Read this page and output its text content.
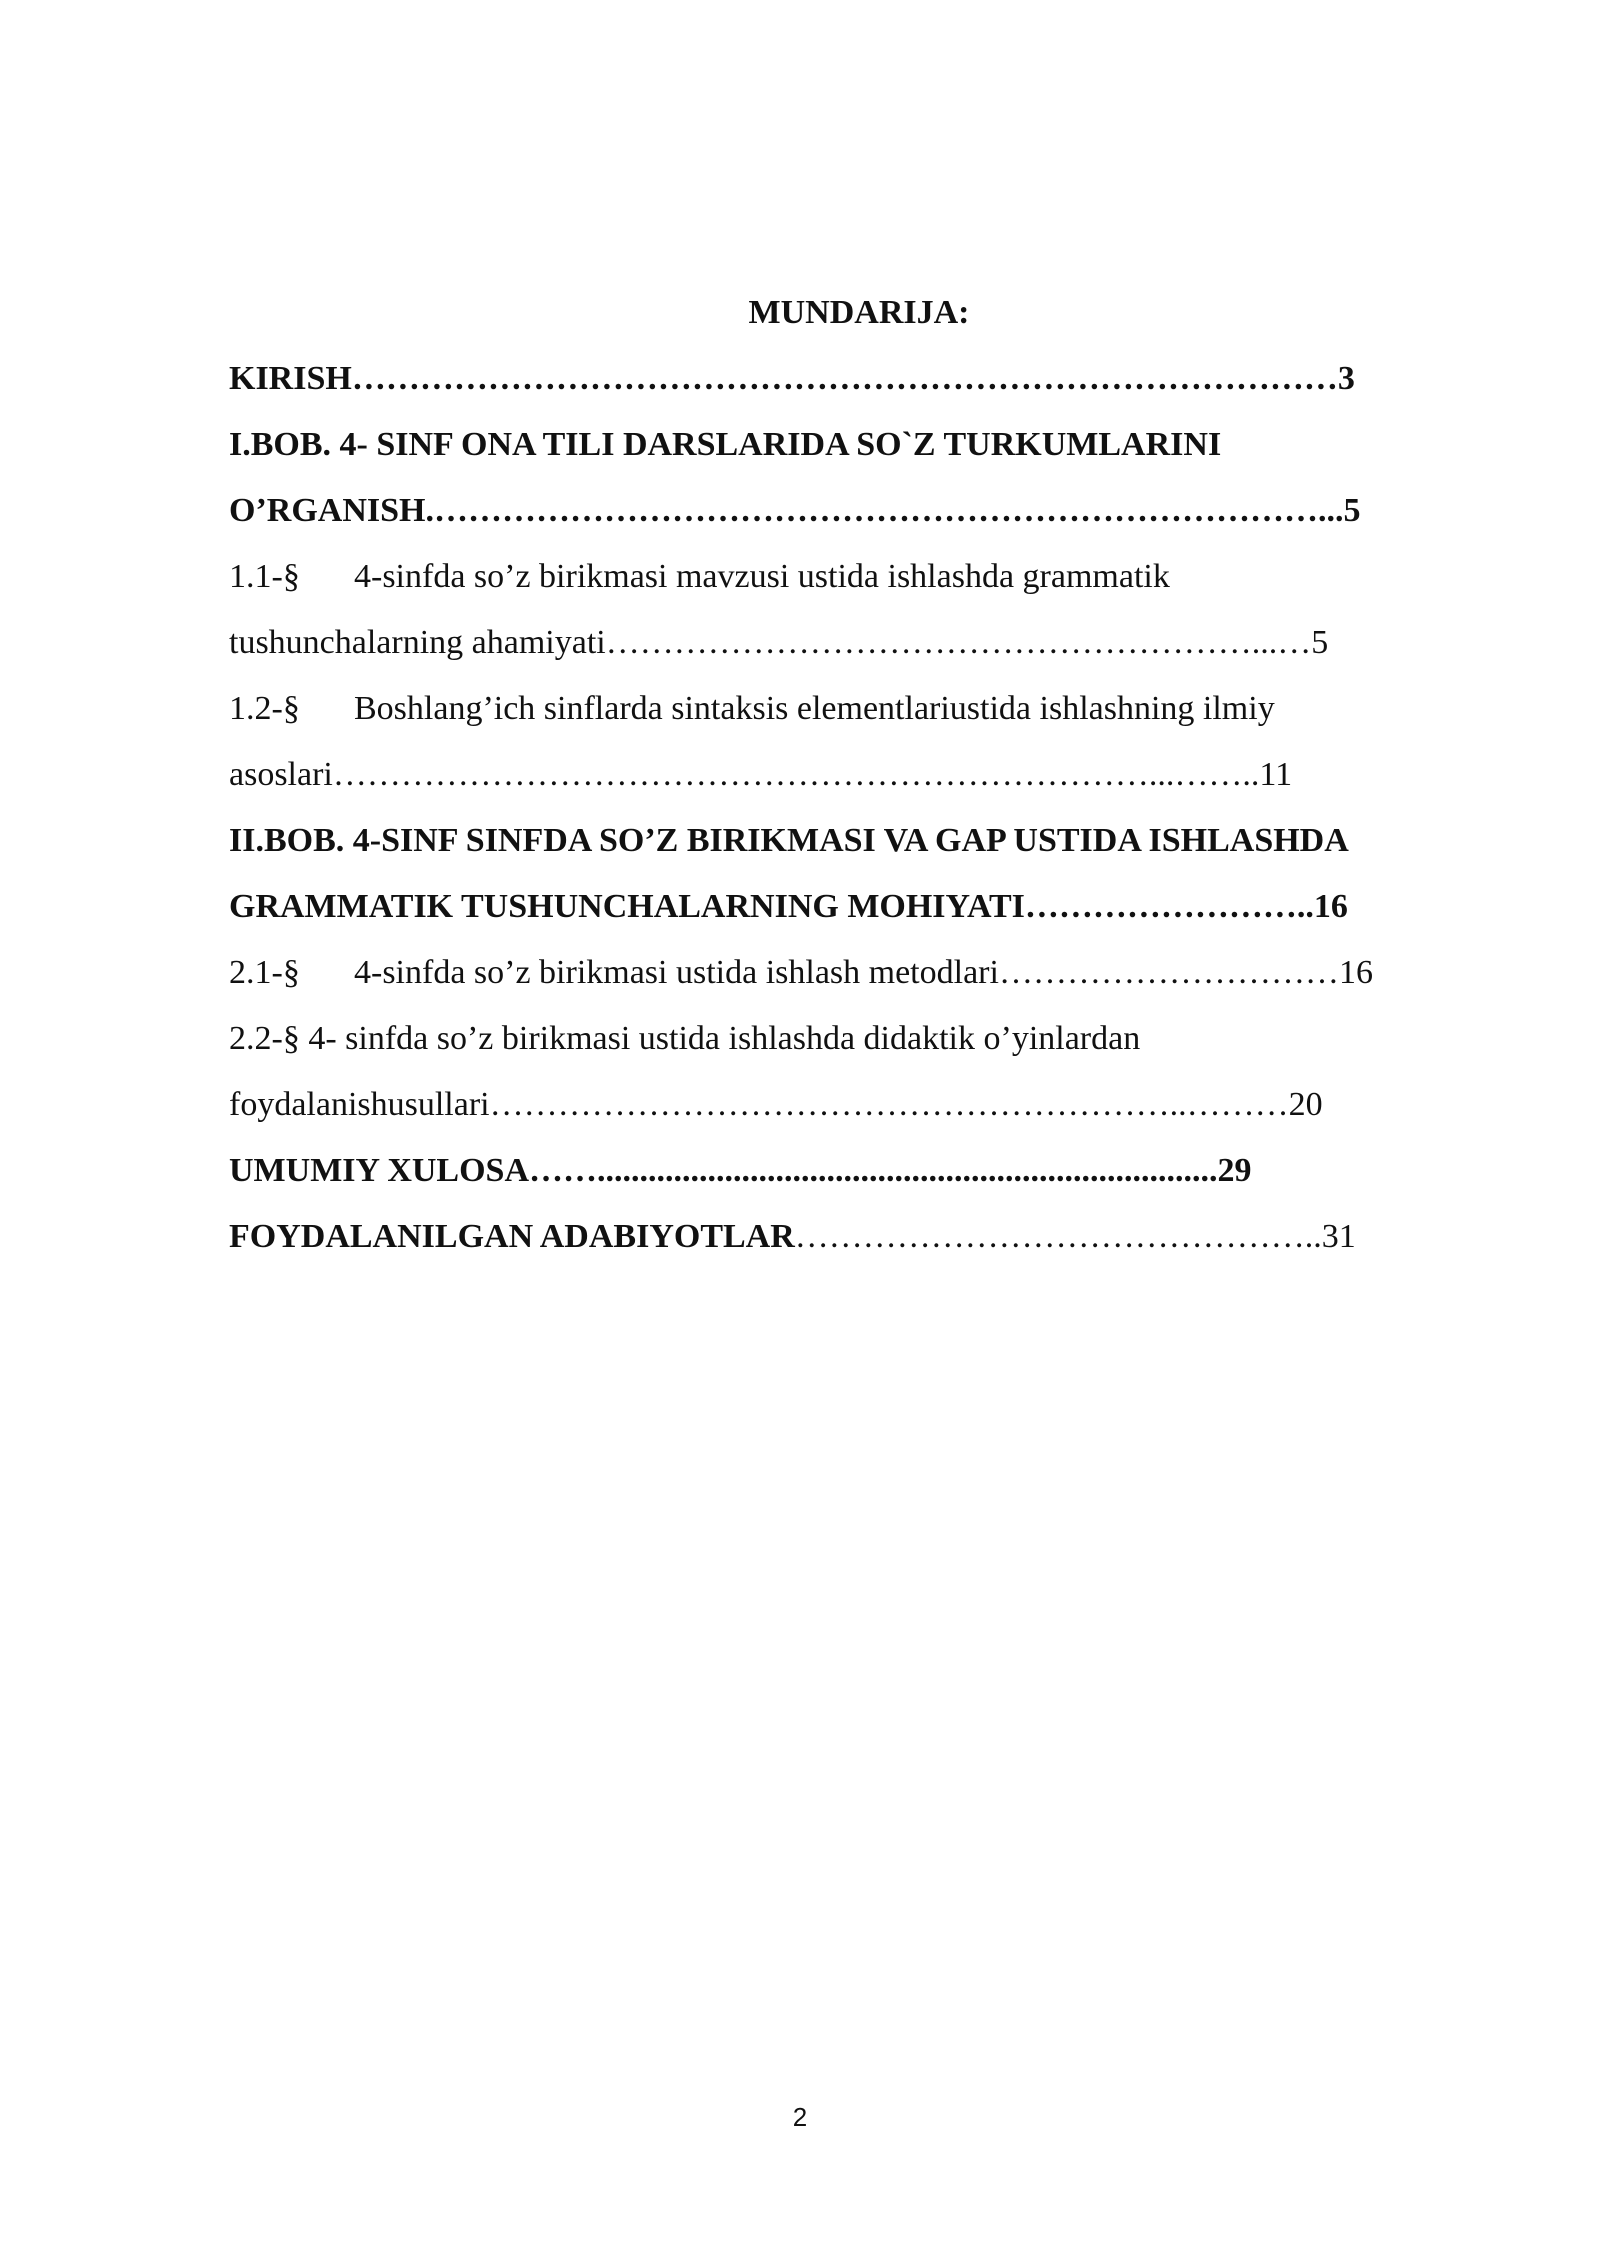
MUNDARIJA:
KIRISH……………………………………………………………………………3
I.BOB. 4- SINF ONA TILI DARSLARIDA SO`Z TURKUMLARINI
O’RGANISH.……………………………………………………………………...5
1.1-§ 4-sinfda so’z birikmasi mavzusi ustida ishlashda grammatik
tushunchalarning ahamiyati…………………………………………………...…5
1.2-§ Boshlang’ich sinflarda sintaksis elementlariustida ishlashning ilmiy
asoslari………………………………………………………………...……..11
II.BOB. 4-SINF SINFDA SO’Z BIRIKMASI VA GAP USTIDA ISHLASHDA
GRAMMATIK TUSHUNCHALARNING MOHIYATI……………………..16
2.1-§ 4-sinfda so’z birikmasi ustida ishlash metodlari…………………………16
2.2-§ 4- sinfda so’z birikmasi ustida ishlashda didaktik o’yinlardan
foydalanishusullari……………………………………………………..………20
UMUMIY XULOSA…….........................................................................29
FOYDALANILGAN ADABIYOTLAR………………………………………..31
2
